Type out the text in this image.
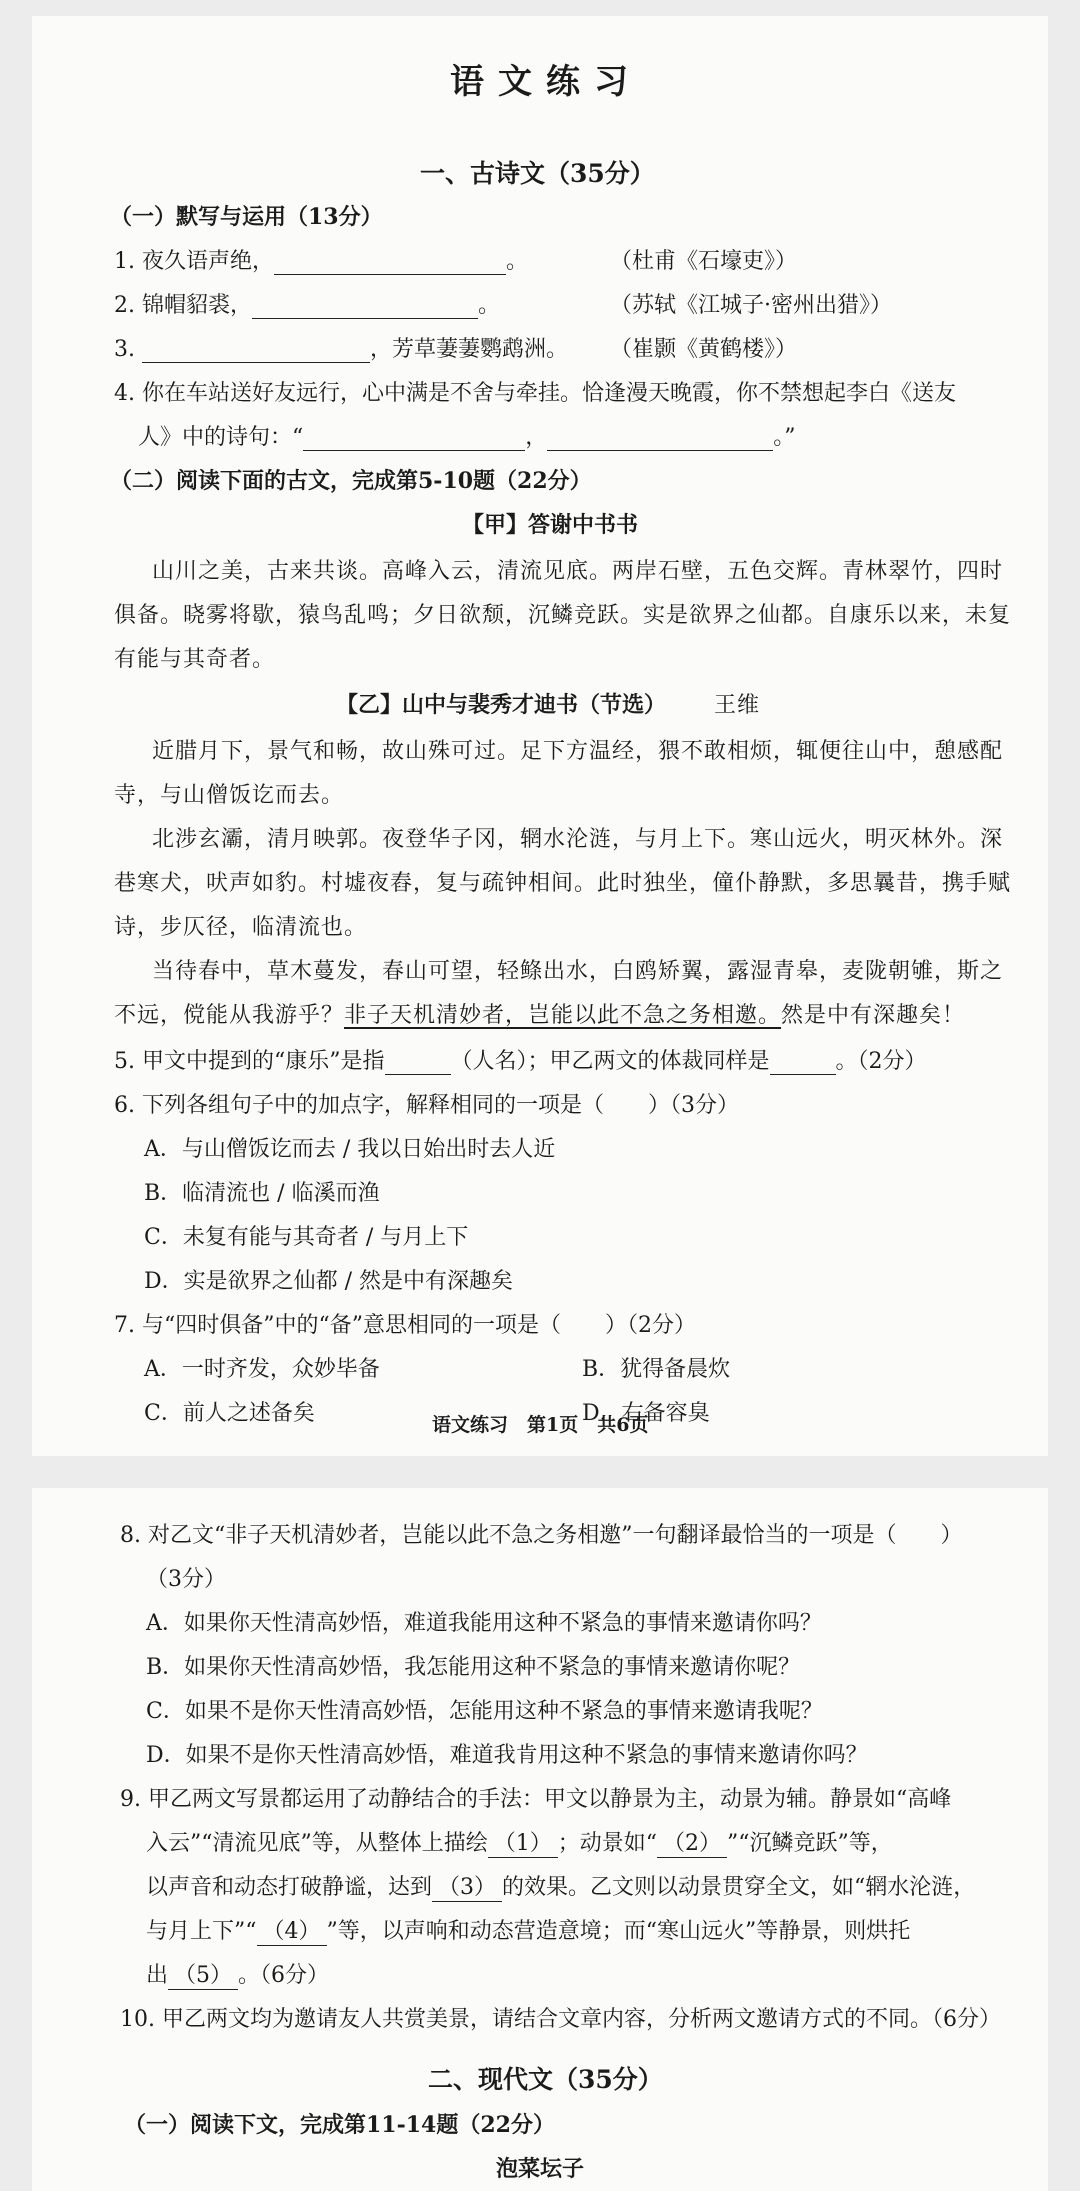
语文练习
一、古诗文（35分）
（一）默写与运用（13分）
1. 夜久语声绝，	。	（杜甫《石壕吏》）
2. 锦帽貂裘，	。	（苏轼《江城子·密州出猎》）
3.	，芳草萋萋鹦鹉洲。 （崔颢《黄鹤楼》）
4. 你在车站送好友远行，心中满是不舍与牵挂。恰逢漫天晚霞，你不禁想起李白《送友
人》中的诗句：“	，	。”
（二）阅读下面的古文，完成第5-10题（22分）
【甲】答谢中书书
山川之美，古来共谈。高峰入云，清流见底。两岸石壁，五色交辉。青林翠竹，四时
俱备。晓雾将歇，猿鸟乱鸣；夕日欲颓，沉鳞竞跃。实是欲界之仙都。自康乐以来，未复
有能与其奇者。
【乙】山中与裴秀才迪书（节选） 王维
近腊月下，景气和畅，故山殊可过。足下方温经，猥不敢相烦，辄便往山中，憩感配
寺，与山僧饭讫而去。
北涉玄灞，清月映郭。夜登华子冈，辋水沦涟，与月上下。寒山远火，明灭林外。深
巷寒犬，吠声如豹。村墟夜舂，复与疏钟相间。此时独坐，僮仆静默，多思曩昔，携手赋
诗，步仄径，临清流也。
当待春中，草木蔓发，春山可望，轻鲦出水，白鸥矫翼，露湿青皋，麦陇朝雊，斯之
不远，傥能从我游乎？非子天机清妙者，岂能以此不急之务相邀。然是中有深趣矣！
5. 甲文中提到的“康乐”是指	（人名）；甲乙两文的体裁同样是	。（2分）
6. 下列各组句子中的加点字，解释相同的一项是（　　）（3分）
A．与山僧饭讫而去 / 我以日始出时去人近
B．临清流也 / 临溪而渔
C．未复有能与其奇者 / 与月上下
D．实是欲界之仙都 / 然是中有深趣矣
7. 与“四时俱备”中的“备”意思相同的一项是（　　）（2分）
A．一时齐发，众妙毕备	B．犹得备晨炊
C．前人之述备矣	D．右备容臭
语文练习　第1页　共6页
8. 对乙文“非子天机清妙者，岂能以此不急之务相邀”一句翻译最恰当的一项是（　　）
（3分）
A．如果你天性清高妙悟，难道我能用这种不紧急的事情来邀请你吗？
B．如果你天性清高妙悟，我怎能用这种不紧急的事情来邀请你呢？
C．如果不是你天性清高妙悟，怎能用这种不紧急的事情来邀请我呢？
D．如果不是你天性清高妙悟，难道我肯用这种不紧急的事情来邀请你吗？
9. 甲乙两文写景都运用了动静结合的手法：甲文以静景为主，动景为辅。静景如“高峰
入云”“清流见底”等，从整体上描绘 （1） ；动景如“ （2） ”“沉鳞竞跃”等，
以声音和动态打破静谧，达到 （3） 的效果。乙文则以动景贯穿全文，如“辋水沦涟，
与月上下”“ （4） ”等，以声响和动态营造意境；而“寒山远火”等静景，则烘托
出 （5） 。（6分）
10. 甲乙两文均为邀请友人共赏美景，请结合文章内容，分析两文邀请方式的不同。（6分）
二、现代文（35分）
（一）阅读下文，完成第11-14题（22分）
泡菜坛子
